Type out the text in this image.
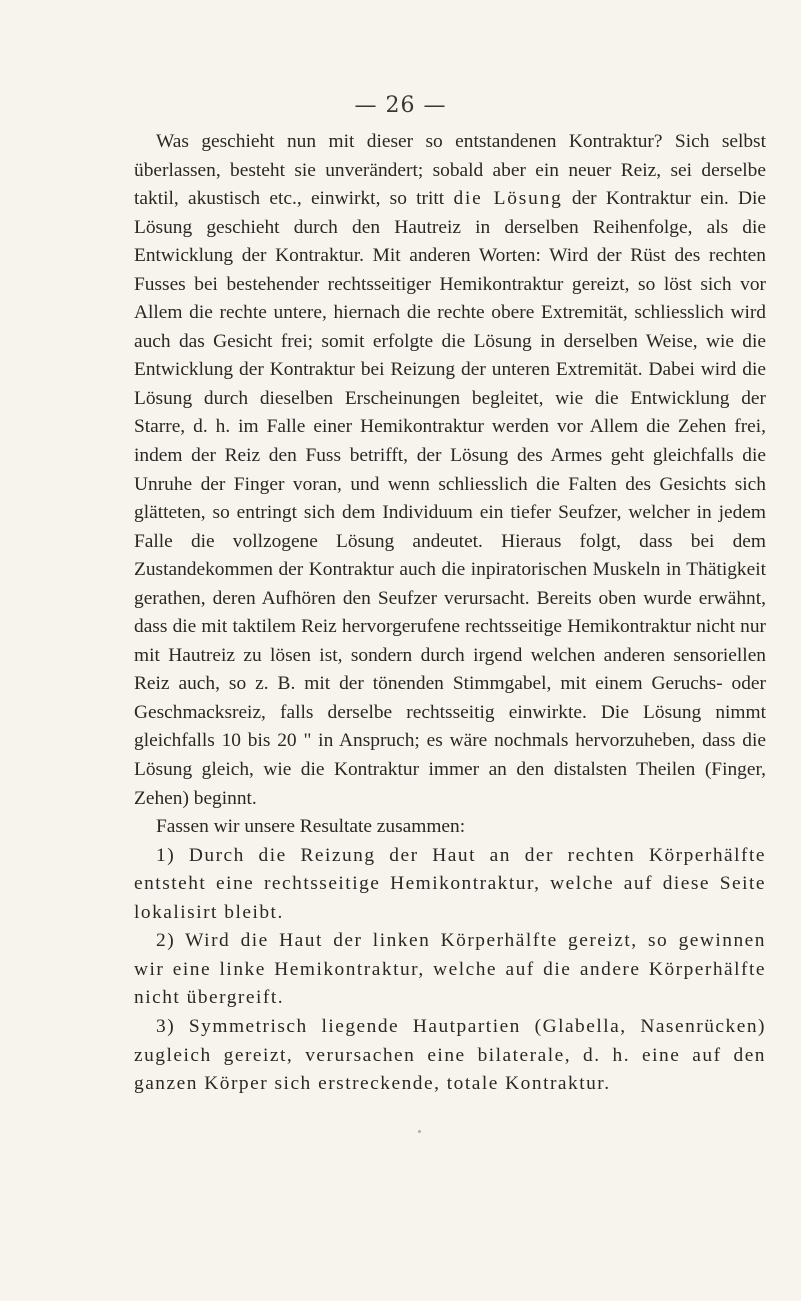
— 26 —

Was geschieht nun mit dieser so entstandenen Kontraktur? Sich selbst überlassen, besteht sie unverändert; sobald aber ein neuer Reiz, sei derselbe taktil, akustisch etc., einwirkt, so tritt die Lösung der Kontraktur ein. Die Lösung geschieht durch den Hautreiz in derselben Reihenfolge, als die Entwicklung der Kontraktur. Mit anderen Worten: Wird der Rüst des rechten Fusses bei bestehender rechtsseitiger Hemikontraktur gereizt, so löst sich vor Allem die rechte untere, hiernach die rechte obere Extremität, schliesslich wird auch das Gesicht frei; somit erfolgte die Lösung in derselben Weise, wie die Entwicklung der Kontraktur bei Reizung der unteren Extremität. Dabei wird die Lösung durch dieselben Erscheinungen begleitet, wie die Entwicklung der Starre, d. h. im Falle einer Hemikontraktur werden vor Allem die Zehen frei, indem der Reiz den Fuss betrifft, der Lösung des Armes geht gleichfalls die Unruhe der Finger voran, und wenn schliesslich die Falten des Gesichts sich glätteten, so entringt sich dem Individuum ein tiefer Seufzer, welcher in jedem Falle die vollzogene Lösung andeutet. Hieraus folgt, dass bei dem Zustandekommen der Kontraktur auch die inpiratorischen Muskeln in Thätigkeit gerathen, deren Aufhören den Seufzer verursacht. Bereits oben wurde erwähnt, dass die mit taktilem Reiz hervorgerufene rechtsseitige Hemikontraktur nicht nur mit Hautreiz zu lösen ist, sondern durch irgend welchen anderen sensoriellen Reiz auch, so z. B. mit der tönenden Stimmgabel, mit einem Geruchs- oder Geschmacksreiz, falls derselbe rechtsseitig einwirkte. Die Lösung nimmt gleichfalls 10 bis 20 " in Anspruch; es wäre nochmals hervorzuheben, dass die Lösung gleich, wie die Kontraktur immer an den distalsten Theilen (Finger, Zehen) beginnt.

Fassen wir unsere Resultate zusammen:

1) Durch die Reizung der Haut an der rechten Körperhälfte entsteht eine rechtsseitige Hemikontraktur, welche auf diese Seite lokalisirt bleibt.

2) Wird die Haut der linken Körperhälfte gereizt, so gewinnen wir eine linke Hemikontraktur, welche auf die andere Körperhälfte nicht übergreift.

3) Symmetrisch liegende Hautpartien (Glabella, Nasenrücken) zugleich gereizt, verursachen eine bilaterale, d. h. eine auf den ganzen Körper sich erstreckende, totale Kontraktur.
